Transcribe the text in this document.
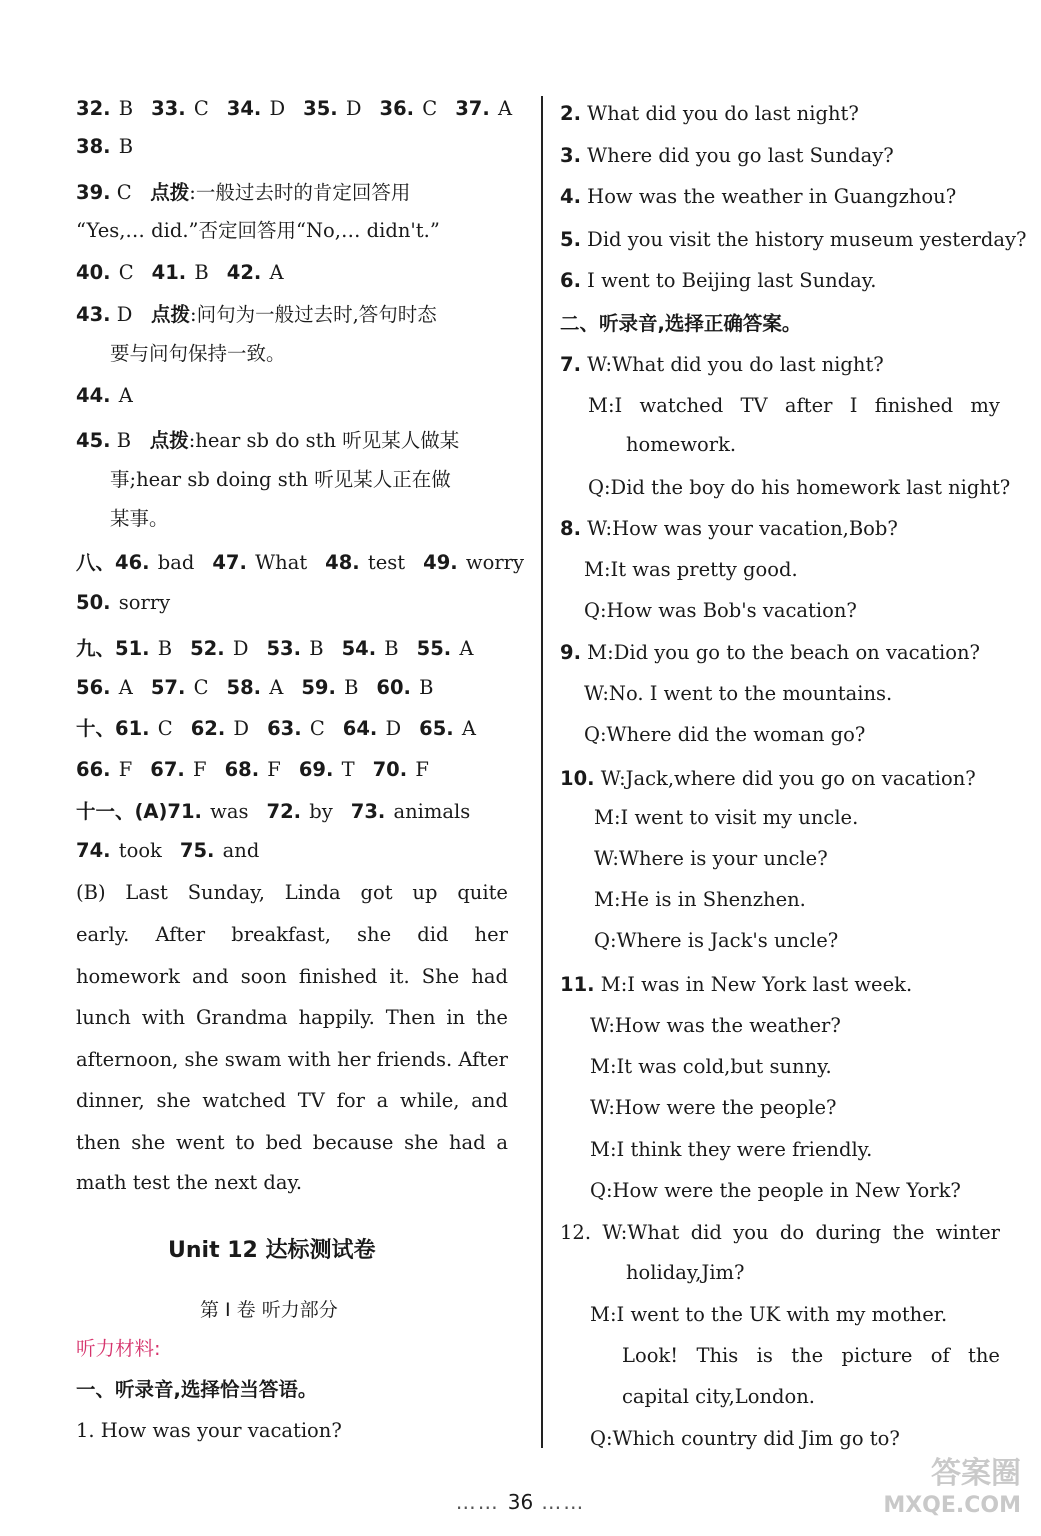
32. B 33. C 34. D 35. D 36. C 37. A
38. B
39. C 点拨:一般过去时的肯定回答用
“Yes,… did.”否定回答用“No,… didn't.”
40. C 41. B 42. A
43. D 点拨:问句为一般过去时,答句时态
要与问句保持一致。
44. A
45. B 点拨:hear sb do sth 听见某人做某
事;hear sb doing sth 听见某人正在做
某事。
八、46. bad 47. What 48. test 49. worry
50. sorry
九、51. B 52. D 53. B 54. B 55. A
56. A 57. C 58. A 59. B 60. B
十、61. C 62. D 63. C 64. D 65. A
66. F 67. F 68. F 69. T 70. F
十一、(A)71. was 72. by 73. animals
74. took 75. and
(B) Last Sunday, Linda got up quite
early. After breakfast, she did her
homework and soon finished it. She had
lunch with Grandma happily. Then in the
afternoon, she swam with her friends. After
dinner, she watched TV for a while, and
then she went to bed because she had a
math test the next day.
Unit 12 达标测试卷
第 Ⅰ 卷 听力部分
听力材料:
一、听录音,选择恰当答语。
1. How was your vacation?
2. What did you do last night?
3. Where did you go last Sunday?
4. How was the weather in Guangzhou?
5. Did you visit the history museum yesterday?
6. I went to Beijing last Sunday.
二、听录音,选择正确答案。
7. W:What did you do last night?
M:I watched TV after I finished my
homework.
Q:Did the boy do his homework last night?
8. W:How was your vacation,Bob?
M:It was pretty good.
Q:How was Bob's vacation?
9. M:Did you go to the beach on vacation?
W:No. I went to the mountains.
Q:Where did the woman go?
10. W:Jack,where did you go on vacation?
M:I went to visit my uncle.
W:Where is your uncle?
M:He is in Shenzhen.
Q:Where is Jack's uncle?
11. M:I was in New York last week.
W:How was the weather?
M:It was cold,but sunny.
W:How were the people?
M:I think they were friendly.
Q:How were the people in New York?
12. W:What did you do during the winter
holiday,Jim?
M:I went to the UK with my mother.
Look! This is the picture of the
capital city,London.
Q:Which country did Jim go to?
…… 36 ……
答案圈
MXQE.COM
